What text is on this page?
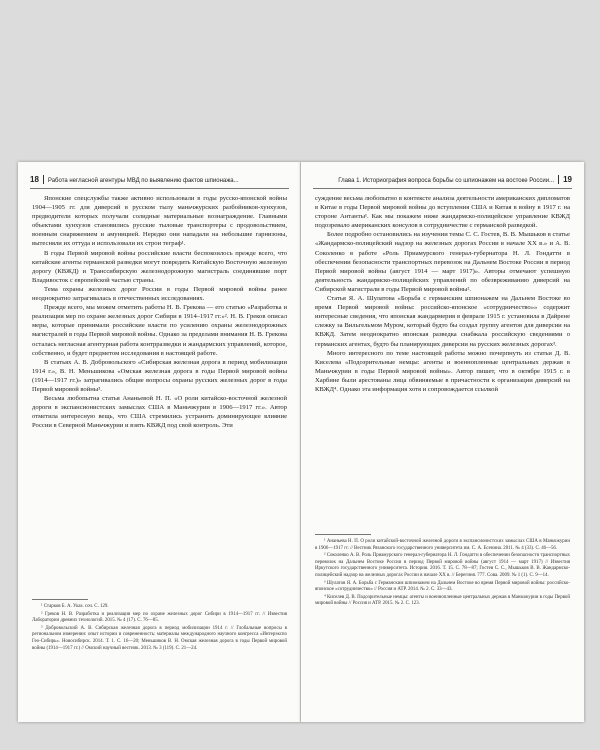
18 Работа негласной агентуры МВД по выявлению фактов шпионажа...

Японские спецслужбы также активно использовали в годы русско-японской войны 1904—1905 гг. для диверсий в русском тылу маньчжурских разбойников-хунхузов, предводители которых получали солидные материальные вознаграждение. Главными объектами хунхузов становились русские тыловые транспортеры с продовольствием, военным снаряжением и амуницией. Нередко они нападали на небольшие гарнизоны, вытесняли их оттуда и использовали их строи теграф¹.

В годы Первой мировой войны российские власти беспокоилось прежде всего, что китайские агенты германской разведки могут повредить Китайскую Восточную железную дорогу (КВЖД) и Транссибирскую железнодорожную магистраль соединявшие порт Владивосток с европейской частью страны.

Тема охраны железных дорог России в годы Первой мировой войны ранее неоднократно затрагивалась в отечественных исследованиях.

Прежде всего, мы можем отметить работы Н. В. Грекова — его статью «Разработка и реализация мер по охране железных дорог Сибири в 1914–1917 гг.»². Н. В. Греков описал меры, которые принимали российские власти по усилению охраны железнодорожных магистралей в годы Первой мировой войны. Однако за пределами внимания Н. В. Грекова осталась негласная агентурная работа контрразведки и жандармских управлений, которое, собственно, и будет предметом исследования в настоящей работе.

В статьях А. В. Добровольского «Сибирская железная дорога в период мобилизации 1914 г.», В. Н. Меньшикова «Омская железная дорога в годы Первой мировой войны (1914—1917 гг.)» затрагивались общие вопросы охраны русских железных дорог в годы Первой мировой войны³.

Весьма любопытна статья Ананьевой Н. П. «О роли китайско-восточной железной дороги в экспансионистских замыслах США в Маньчжурии в 1906—1917 гг.». Автор отметила интересную вещь, что США стремились устранить доминирующее влияние России в Северной Маньчжурии и взять КВЖД под свой контроль. Эти

¹ Старков Б. А. Указ. соч. С. 129.

² Греков Н. В. Разработка и реализация мер по охране железных дорог Сибири в 1914—1917 гг. // Известия Лаборатории древних технологий. 2015. № 4 (17). С. 76—85.

³ Добровольский А. В. Сибирская железная дорога в период мобилизации 1914 г. // Глобальные вопросы в региональном измерении: опыт истории и современность: материалы международного научного конгресса «Интерэкспо Гео-Сибирь». Новосибирск. 2014. Т. 1. С. 16—20; Меньшиков В. Н. Омская железная дорога в годы Первой мировой войны (1914—1917 гг.) // Омский научный вестник. 2013. № 3 (119). С. 21—24.

Глава 1. Историография вопроса борьбы со шпионажем на востоке России... 19

суждение весьма любопытно в контексте анализа деятельности американских дипломатов в Китае в годы Первой мировой войны до вступления США и Китая в войну в 1917 г. на стороне Антанты¹. Как мы покажем ниже жандармско-полицейское управление КВЖД подозревало американских консулов в сотрудничестве с германской разведкой.

Более подробно остановились на изучении темы С. С. Гостев, В. В. Мышьков в статье «Жандармско-полицейский надзор на железных дорогах России в начале XX в.» и А. В. Соколенко в работе «Роль Приамурского генерал-губернатора Н. Л. Гондатти в обеспечении безопасности транспортных перевозок на Дальнем Востоке России в период Первой мировой войны (август 1914 — март 1917)». Авторы отмечают успешную деятельность жандармско-полицейских управлений по обезвреживанию диверсий на Сибирской магистрали в годы Первой мировой войны².

Статья Я. А. Шулатова «Борьба с германским шпионажем на Дальнем Востоке во время Первой мировой войны: российско-японское «сотрудничество»» содержит интересные сведения, что японская жандармерия в феврале 1915 г. установила в Дайрене слежку за Вильгельмом Муром, который будто бы создал группу агентов для диверсии на КВЖД. Затем неоднократно японская разведка снабжала российскую сведениями о германских агентах, будто бы планирующих диверсии на русских железных дорогах³.

Много интересного по теме настоящей работы можно почерпнуть из статьи Д. В. Киселева «Подозрительные немцы: агенты и военнопленные центральных держав в Маньчжурии в годы Первой мировой войны». Автор пишет, что в октябре 1915 г. в Харбине были арестованы лица обвиняемые в причастности к организации диверсий на КВЖД⁴. Однако эта информация хотя и сопровождается ссылкой

¹ Ананьева Н. П. О роли китайской-восточной железной дороги в экспансионистских замыслах США в Маньчжурии в 1906—1917 гг. // Вестник Рязанского государственного университета им. С. А. Есенина. 2011. № 4 (33). С. 46—56.

² Соколенко А. В. Роль Приамурского генерал-губернатора Н. Л. Гондатти в обеспечении безопасности транспортных перевозок на Дальнем Востоке России в период Первой мировой войны (август 1914 — март 1917) // Известия Иркутского государственного университета. История. 2016. Т. 15. С. 78—87; Гостев С. С., Мышьков В. В. Жандармско-полицейский надзор на железных дорогах России в начале XX в. // Берегиня. 777. Сова. 2009. № 1 (1). С. 9—14.

³ Шулатов Я. А. Борьба с Германским шпионажем на Дальнем Востоке во время Первой мировой войны: российско-японское «сотрудничество» // Россия и АТР. 2014. № 2. С. 33—43.

⁴ Киселев Д. В. Подозрительные немцы: агенты и военнопленные центральных держав в Маньчжурии в годы Первой мировой войны // Россия и АТР. 2015. № 2. С. 123.
